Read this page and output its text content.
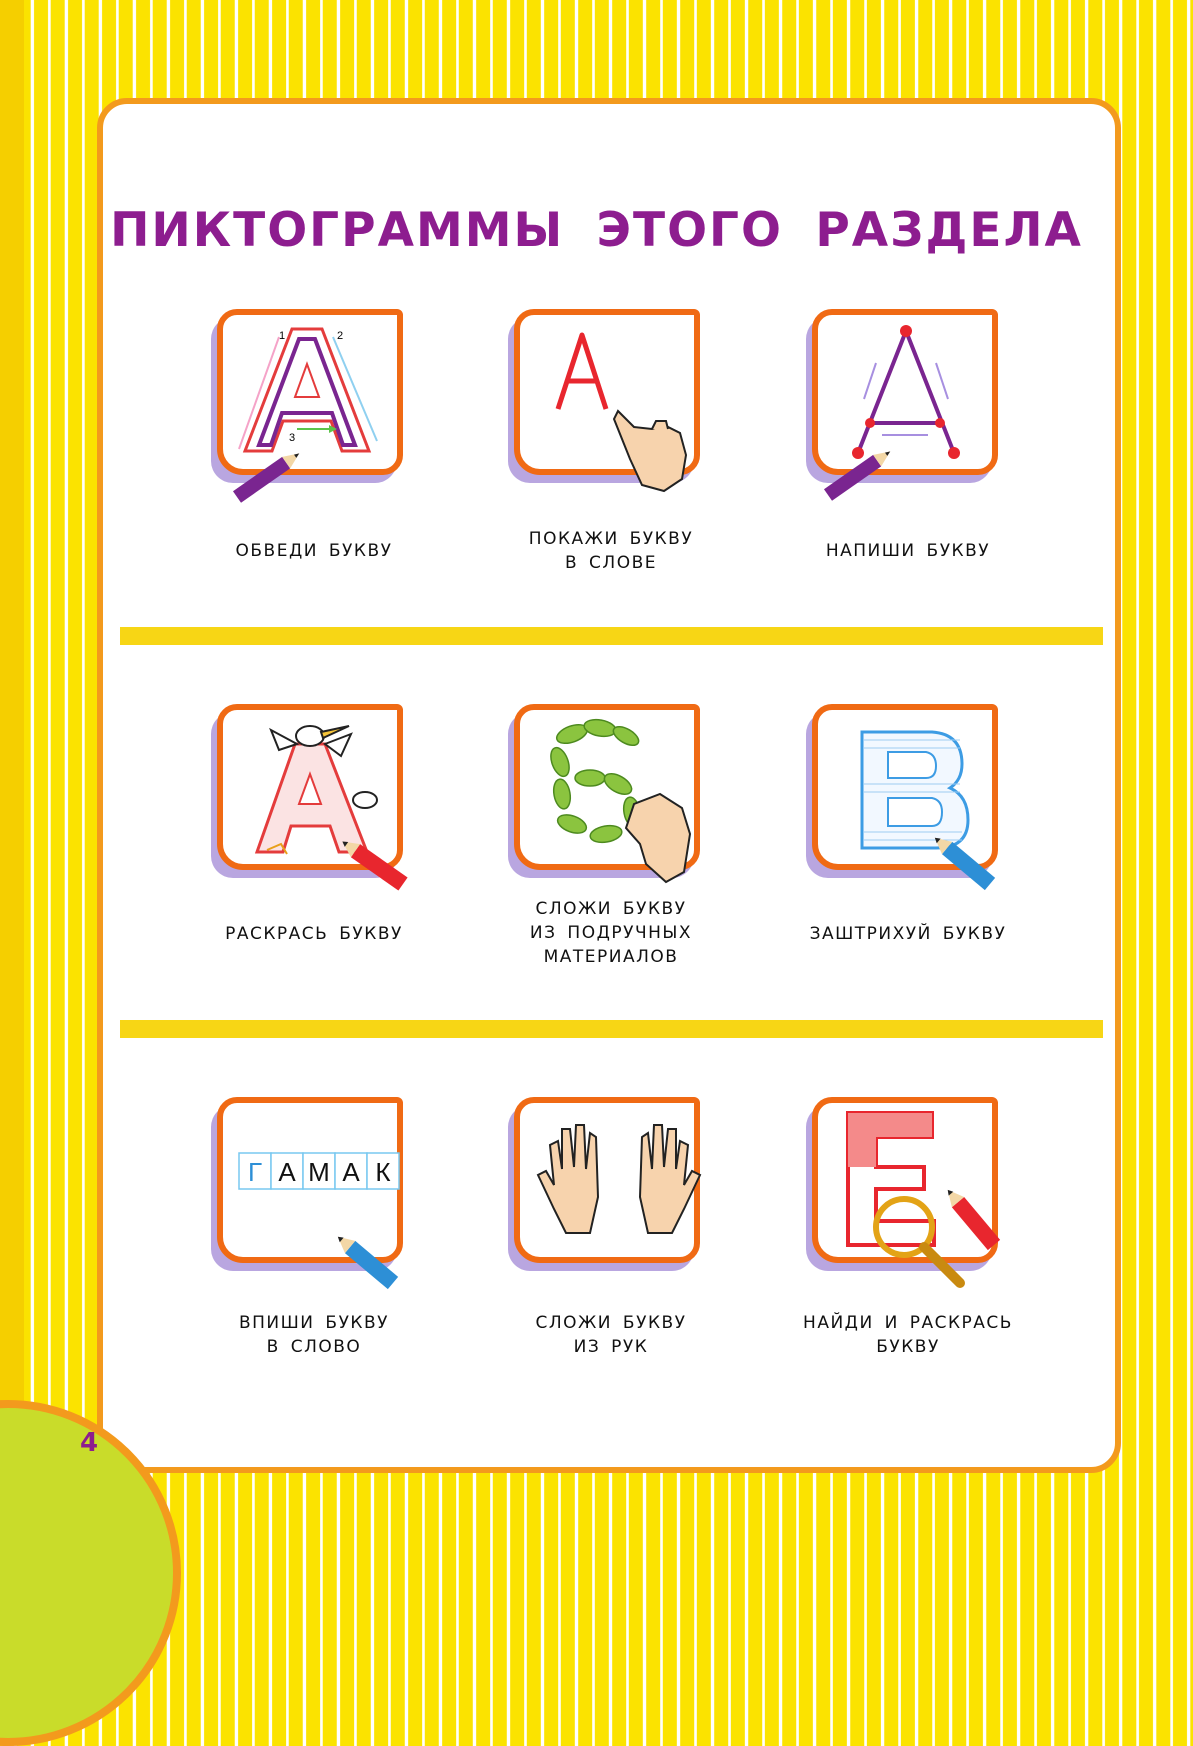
ПИКТОГРАММЫ ЭТОГО РАЗДЕЛА
1	2
3
ОБВЕДИ БУКВУ
ПОКАЖИ БУКВУ
В СЛОВЕ
НАПИШИ БУКВУ
РАСКРАСЬ БУКВУ
СЛОЖИ БУКВУ
ИЗ ПОДРУЧНЫХ
МАТЕРИАЛОВ
ЗАШТРИХУЙ БУКВУ
Г А М А К
ВПИШИ БУКВУ
В СЛОВО
СЛОЖИ БУКВУ
ИЗ РУК
НАЙДИ И РАСКРАСЬ
БУКВУ
4
